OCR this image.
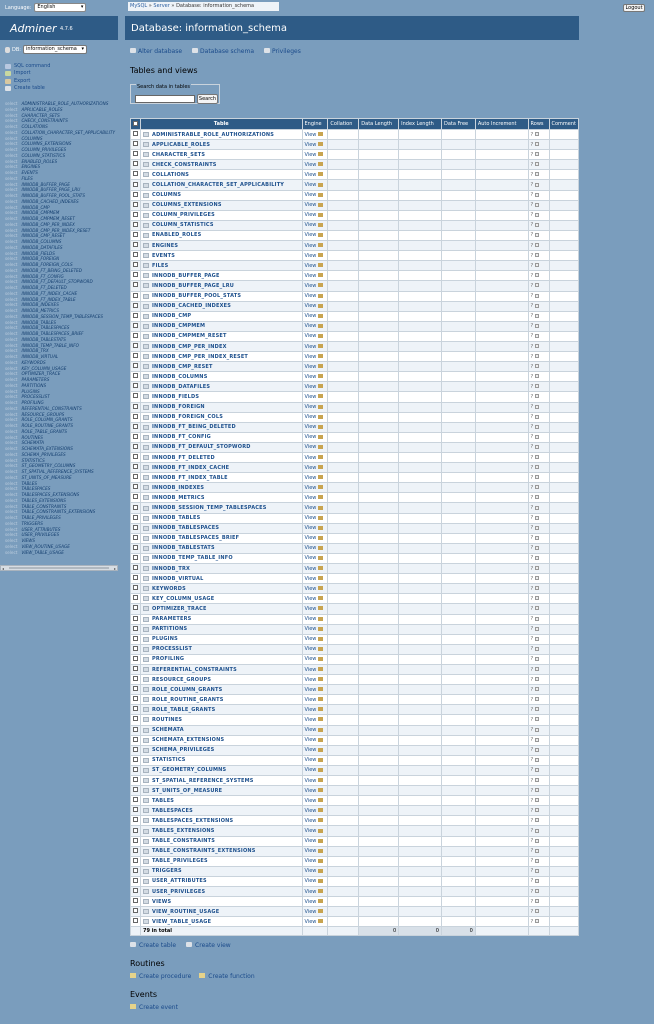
Language:	English ▾	MySQL » Server » Database: information_schema	Logout
Adminer 4.7.6
DB:	information_schema ▾
SQL command
Import
Export
Create table
select ADMINISTRABLE_ROLE_AUTHORIZATIONS
select APPLICABLE_ROLES
select CHARACTER_SETS
select CHECK_CONSTRAINTS
select COLLATIONS
select COLLATION_CHARACTER_SET_APPLICABILITY
select COLUMNS
select COLUMNS_EXTENSIONS
select COLUMN_PRIVILEGES
select COLUMN_STATISTICS
select ENABLED_ROLES
select ENGINES
select EVENTS
select FILES
select INNODB_BUFFER_PAGE
select INNODB_BUFFER_PAGE_LRU
select INNODB_BUFFER_POOL_STATS
select INNODB_CACHED_INDEXES
select INNODB_CMP
select INNODB_CMPMEM
select INNODB_CMPMEM_RESET
select INNODB_CMP_PER_INDEX
select INNODB_CMP_PER_INDEX_RESET
select INNODB_CMP_RESET
select INNODB_COLUMNS
select INNODB_DATAFILES
select INNODB_FIELDS
select INNODB_FOREIGN
select INNODB_FOREIGN_COLS
select INNODB_FT_BEING_DELETED
select INNODB_FT_CONFIG
select INNODB_FT_DEFAULT_STOPWORD
select INNODB_FT_DELETED
select INNODB_FT_INDEX_CACHE
select INNODB_FT_INDEX_TABLE
select INNODB_INDEXES
select INNODB_METRICS
select INNODB_SESSION_TEMP_TABLESPACES
select INNODB_TABLES
select INNODB_TABLESPACES
select INNODB_TABLESPACES_BRIEF
select INNODB_TABLESTATS
select INNODB_TEMP_TABLE_INFO
select INNODB_TRX
select INNODB_VIRTUAL
select KEYWORDS
select KEY_COLUMN_USAGE
select OPTIMIZER_TRACE
select PARAMETERS
select PARTITIONS
select PLUGINS
select PROCESSLIST
select PROFILING
select REFERENTIAL_CONSTRAINTS
select RESOURCE_GROUPS
select ROLE_COLUMN_GRANTS
select ROLE_ROUTINE_GRANTS
select ROLE_TABLE_GRANTS
select ROUTINES
select SCHEMATA
select SCHEMATA_EXTENSIONS
select SCHEMA_PRIVILEGES
select STATISTICS
select ST_GEOMETRY_COLUMNS
select ST_SPATIAL_REFERENCE_SYSTEMS
select ST_UNITS_OF_MEASURE
select TABLES
select TABLESPACES
select TABLESPACES_EXTENSIONS
select TABLES_EXTENSIONS
select TABLE_CONSTRAINTS
select TABLE_CONSTRAINTS_EXTENSIONS
select TABLE_PRIVILEGES
select TRIGGERS
select USER_ATTRIBUTES
select USER_PRIVILEGES
select VIEWS
select VIEW_ROUTINE_USAGE
select VIEW_TABLE_USAGE
◂	▸
Database: information_schema
Alter database	Database schema	Privileges
Tables and views
Search data in tables
Search
	Table	Engine	Collation	Data Length	Index Length	Data Free	Auto Increment	Rows	Comment

	ADMINISTRABLE_ROLE_AUTHORIZATIONS	View						?	

	APPLICABLE_ROLES	View						?	

	CHARACTER_SETS	View						?	

	CHECK_CONSTRAINTS	View						?	

	COLLATIONS	View						?	

	COLLATION_CHARACTER_SET_APPLICABILITY	View						?	

	COLUMNS	View						?	

	COLUMNS_EXTENSIONS	View						?	

	COLUMN_PRIVILEGES	View						?	

	COLUMN_STATISTICS	View						?	

	ENABLED_ROLES	View						?	

	ENGINES	View						?	

	EVENTS	View						?	

	FILES	View						?	

	INNODB_BUFFER_PAGE	View						?	

	INNODB_BUFFER_PAGE_LRU	View						?	

	INNODB_BUFFER_POOL_STATS	View						?	

	INNODB_CACHED_INDEXES	View						?	

	INNODB_CMP	View						?	

	INNODB_CMPMEM	View						?	

	INNODB_CMPMEM_RESET	View						?	

	INNODB_CMP_PER_INDEX	View						?	

	INNODB_CMP_PER_INDEX_RESET	View						?	

	INNODB_CMP_RESET	View						?	

	INNODB_COLUMNS	View						?	

	INNODB_DATAFILES	View						?	

	INNODB_FIELDS	View						?	

	INNODB_FOREIGN	View						?	

	INNODB_FOREIGN_COLS	View						?	

	INNODB_FT_BEING_DELETED	View						?	

	INNODB_FT_CONFIG	View						?	

	INNODB_FT_DEFAULT_STOPWORD	View						?	

	INNODB_FT_DELETED	View						?	

	INNODB_FT_INDEX_CACHE	View						?	

	INNODB_FT_INDEX_TABLE	View						?	

	INNODB_INDEXES	View						?	

	INNODB_METRICS	View						?	

	INNODB_SESSION_TEMP_TABLESPACES	View						?	

	INNODB_TABLES	View						?	

	INNODB_TABLESPACES	View						?	

	INNODB_TABLESPACES_BRIEF	View						?	

	INNODB_TABLESTATS	View						?	

	INNODB_TEMP_TABLE_INFO	View						?	

	INNODB_TRX	View						?	

	INNODB_VIRTUAL	View						?	

	KEYWORDS	View						?	

	KEY_COLUMN_USAGE	View						?	

	OPTIMIZER_TRACE	View						?	

	PARAMETERS	View						?	

	PARTITIONS	View						?	

	PLUGINS	View						?	

	PROCESSLIST	View						?	

	PROFILING	View						?	

	REFERENTIAL_CONSTRAINTS	View						?	

	RESOURCE_GROUPS	View						?	

	ROLE_COLUMN_GRANTS	View						?	

	ROLE_ROUTINE_GRANTS	View						?	

	ROLE_TABLE_GRANTS	View						?	

	ROUTINES	View						?	

	SCHEMATA	View						?	

	SCHEMATA_EXTENSIONS	View						?	

	SCHEMA_PRIVILEGES	View						?	

	STATISTICS	View						?	

	ST_GEOMETRY_COLUMNS	View						?	

	ST_SPATIAL_REFERENCE_SYSTEMS	View						?	

	ST_UNITS_OF_MEASURE	View						?	

	TABLES	View						?	

	TABLESPACES	View						?	

	TABLESPACES_EXTENSIONS	View						?	

	TABLES_EXTENSIONS	View						?	

	TABLE_CONSTRAINTS	View						?	

	TABLE_CONSTRAINTS_EXTENSIONS	View						?	

	TABLE_PRIVILEGES	View						?	

	TRIGGERS	View						?	

	USER_ATTRIBUTES	View						?	

	USER_PRIVILEGES	View						?	

	VIEWS	View						?	

	VIEW_ROUTINE_USAGE	View						?	

	VIEW_TABLE_USAGE	View						?	
	79 in total			0	0	0			
Create table	Create view
Routines
Create procedure	Create function
Events
Create event
